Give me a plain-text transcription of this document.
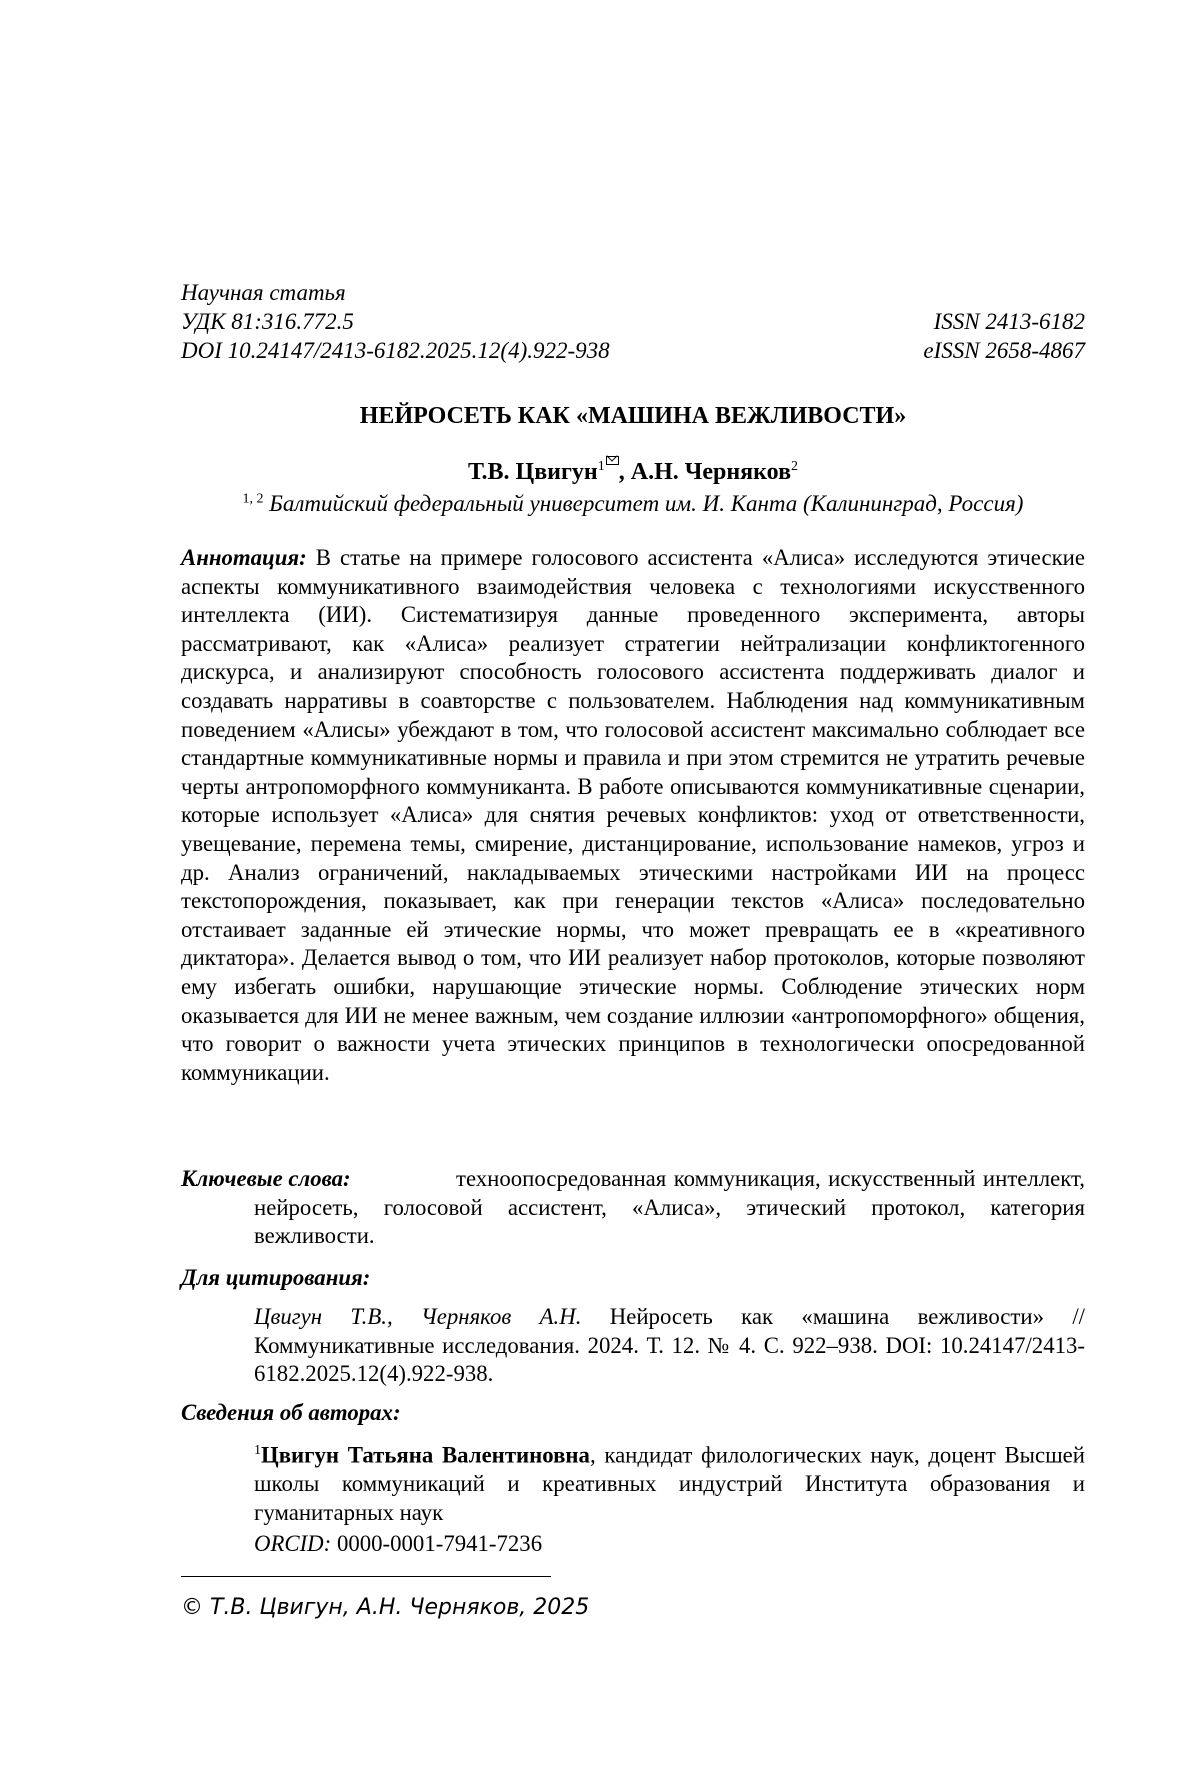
Научная статья
УДК 81:316.772.5	ISSN 2413-6182
DOI 10.24147/2413-6182.2025.12(4).922-938	eISSN 2658-4867
НЕЙРОСЕТЬ КАК «МАШИНА ВЕЖЛИВОСТИ»
Т.В. Цвигун$^1$ , А.Н. Черняков$^2$
$^{1, 2}$ Балтийский федеральный университет им. И. Канта (Калининград, Россия)
Аннотация: В статье на примере голосового ассистента «Алиса» исследуются этические аспекты коммуникативного взаимодействия человека с технологиями искусственного интеллекта (ИИ). Систематизируя данные проведенного эксперимента, авторы рассматривают, как «Алиса» реализует стратегии нейтрализации конфликтогенного дискурса, и анализируют способность голосового ассистента поддерживать диалог и создавать нарративы в соавторстве с пользователем. Наблюдения над коммуникативным поведением «Алисы» убеждают в том, что голосовой ассистент максимально соблюдает все стандартные коммуникативные нормы и правила и при этом стремится не утратить речевые черты антропоморфного коммуниканта. В работе описываются коммуникативные сценарии, которые использует «Алиса» для снятия речевых конфликтов: уход от ответственности, увещевание, перемена темы, смирение, дистанцирование, использование намеков, угроз и др. Анализ ограничений, накладываемых этическими настройками ИИ на процесс текстопорождения, показывает, как при генерации текстов «Алиса» последовательно отстаивает заданные ей этические нормы, что может превращать ее в «креативного диктатора». Делается вывод о том, что ИИ реализует набор протоколов, которые позволяют ему избегать ошибки, нарушающие этические нормы. Соблюдение этических норм оказывается для ИИ не менее важным, чем создание иллюзии «антропоморфного» общения, что говорит о важности учета этических принципов в технологически опосредованной коммуникации.
Ключевые слова:	техноопосредованная коммуникация, искусственный интеллект, нейросеть, голосовой ассистент, «Алиса», этический протокол, категория вежливости.
Для цитирования:
Цвигун Т.В., Черняков А.Н. Нейросеть как «машина вежливости» // Коммуникативные исследования. 2024. Т. 12. № 4. С. 922–938. DOI: 10.24147/2413-6182.2025.12(4).922-938.
Сведения об авторах:
$^1$Цвигун Татьяна Валентиновна, кандидат филологических наук, доцент Высшей школы коммуникаций и креативных индустрий Института образования и гуманитарных наук
ORCID: 0000-0001-7941-7236
© Т.В. Цвигун, А.Н. Черняков, 2025
